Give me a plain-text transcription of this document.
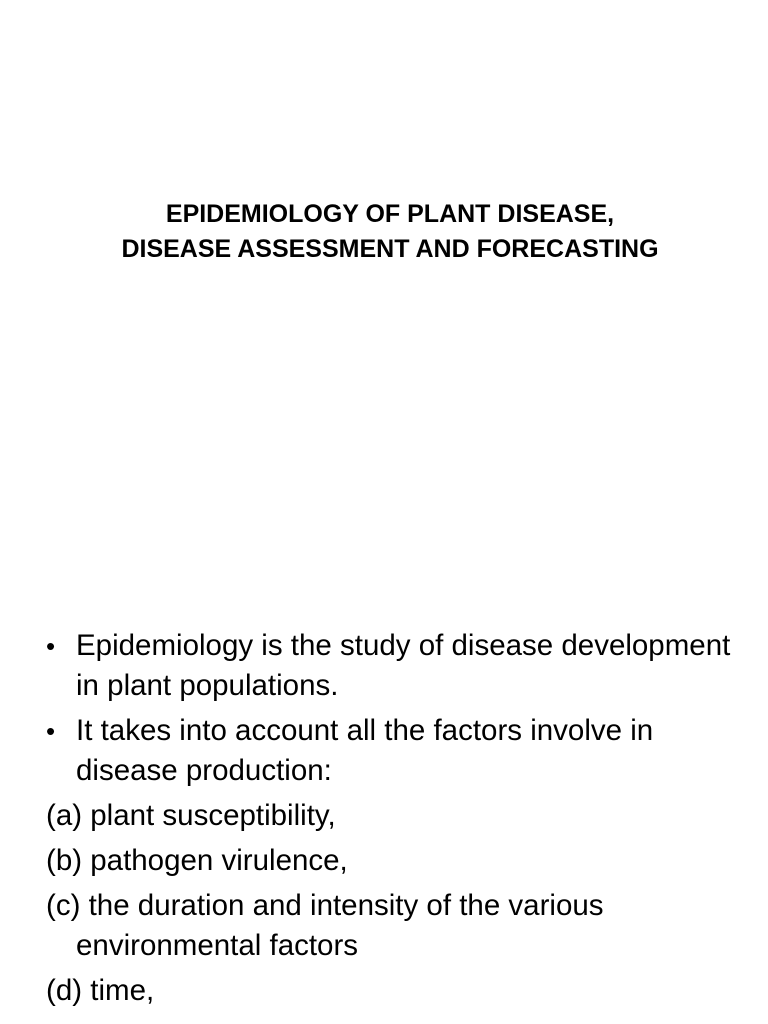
EPIDEMIOLOGY OF PLANT DISEASE,
DISEASE ASSESSMENT AND FORECASTING
• Epidemiology is the study of disease development in plant populations.
• It takes into account all the factors involve in disease production:
(a) plant susceptibility,
(b) pathogen virulence,
(c) the duration and intensity of the various environmental factors
(d) time,
